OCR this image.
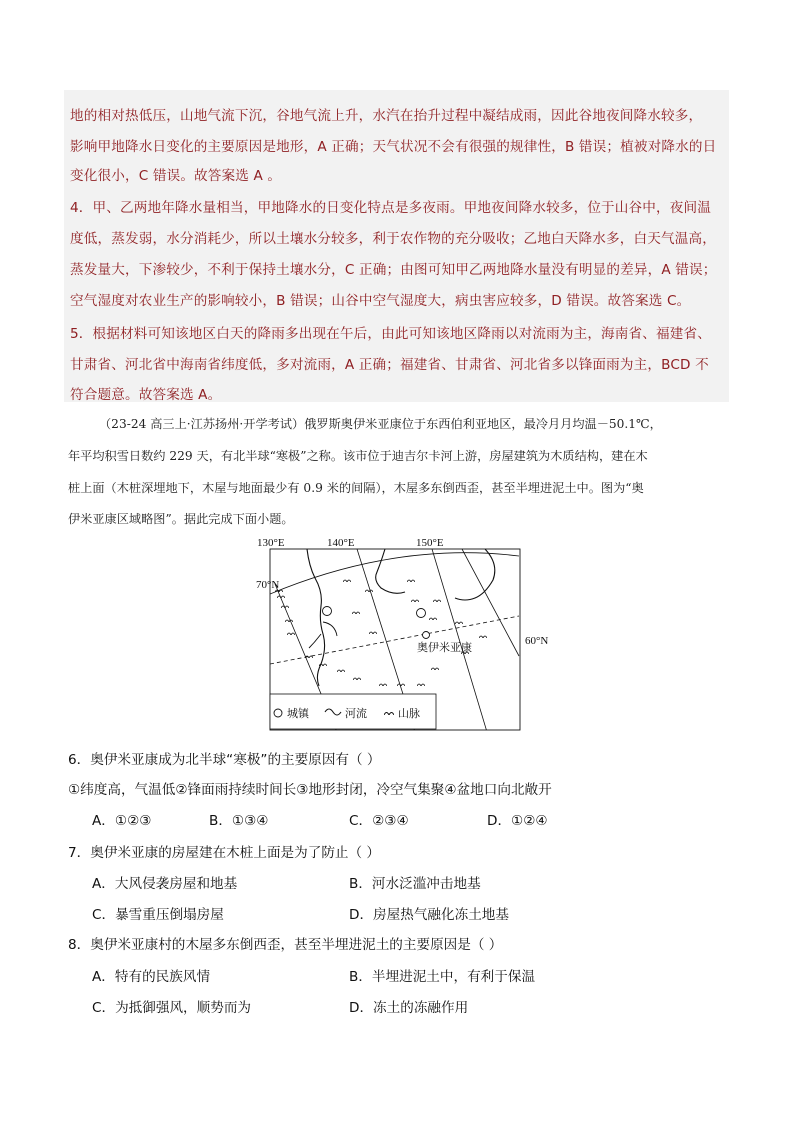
地的相对热低压，山地气流下沉，谷地气流上升，水汽在抬升过程中凝结成雨，因此谷地夜间降水较多，
影响甲地降水日变化的主要原因是地形，A 正确；天气状况不会有很强的规律性，B 错误；植被对降水的日
变化很小，C 错误。故答案选 A 。
4．甲、乙两地年降水量相当，甲地降水的日变化特点是多夜雨。甲地夜间降水较多，位于山谷中，夜间温
度低，蒸发弱，水分消耗少，所以土壤水分较多，利于农作物的充分吸收；乙地白天降水多，白天气温高，
蒸发量大，下渗较少，不利于保持土壤水分，C 正确；由图可知甲乙两地降水量没有明显的差异，A 错误；
空气湿度对农业生产的影响较小，B 错误；山谷中空气湿度大，病虫害应较多，D 错误。故答案选 C。
5．根据材料可知该地区白天的降雨多出现在午后，由此可知该地区降雨以对流雨为主，海南省、福建省、
甘肃省、河北省中海南省纬度低，多对流雨，A 正确；福建省、甘肃省、河北省多以锋面雨为主，BCD 不
符合题意。故答案选 A。
（23-24 高三上·江苏扬州·开学考试）俄罗斯奥伊米亚康位于东西伯利亚地区，最冷月月均温－50.1℃，
年平均积雪日数约 229 天，有北半球“寒极”之称。该市位于迪吉尔卡河上游，房屋建筑为木质结构，建在木
桩上面（木桩深埋地下，木屋与地面最少有 0.9 米的间隔），木屋多东倒西歪，甚至半埋进泥土中。图为“奥
伊米亚康区域略图”。据此完成下面小题。
奥伊米亚康
城镇	河流	山脉
130°E	140°E	150°E
70°N
60°N
6．奥伊米亚康成为北半球“寒极”的主要原因有（ ）
①纬度高，气温低②锋面雨持续时间长③地形封闭，冷空气集聚④盆地口向北敞开
A．①②③	B．①③④	C．②③④	D．①②④
7．奥伊米亚康的房屋建在木桩上面是为了防止（ ）
A．大风侵袭房屋和地基	B．河水泛滥冲击地基
C．暴雪重压倒塌房屋	D．房屋热气融化冻土地基
8．奥伊米亚康村的木屋多东倒西歪，甚至半埋进泥土的主要原因是（ ）
A．特有的民族风情	B．半埋进泥土中，有利于保温
C．为抵御强风，顺势而为	D．冻土的冻融作用
